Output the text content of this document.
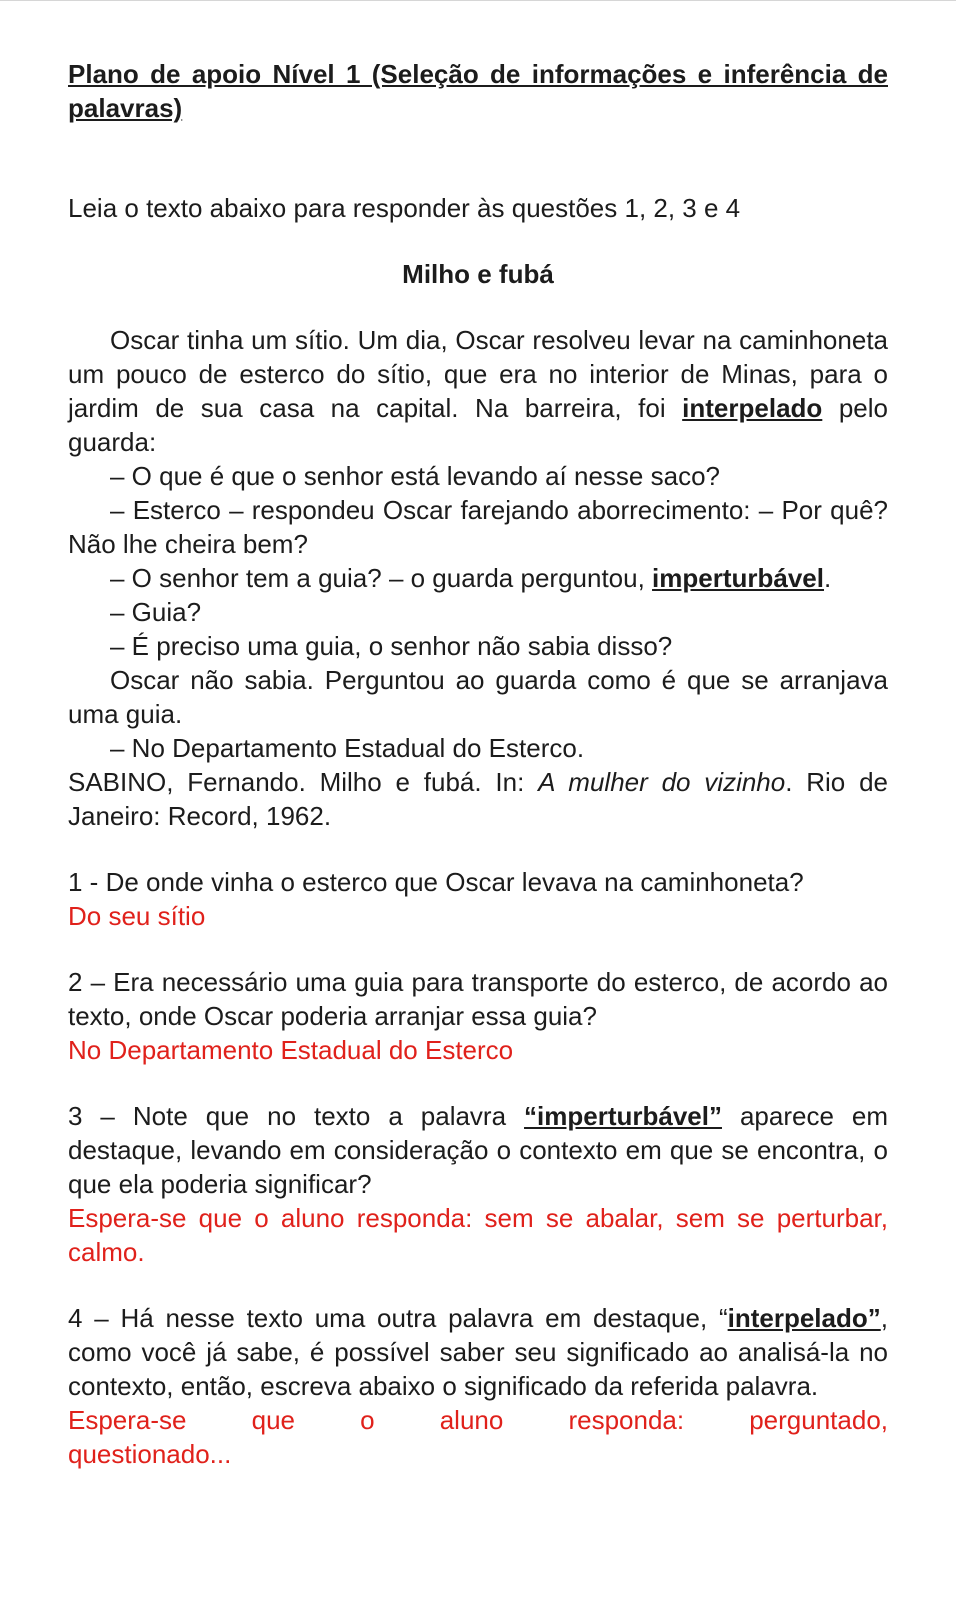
Plano de apoio Nível 1 (Seleção de informações e inferência de palavras)

Leia o texto abaixo para responder às questões 1, 2, 3 e 4

Milho e fubá

Oscar tinha um sítio. Um dia, Oscar resolveu levar na caminhoneta um pouco de esterco do sítio, que era no interior de Minas, para o jardim de sua casa na capital. Na barreira, foi interpelado pelo guarda:

– O que é que o senhor está levando aí nesse saco?

– Esterco – respondeu Oscar farejando aborrecimento: – Por quê? Não lhe cheira bem?

– O senhor tem a guia? – o guarda perguntou, imperturbável.

– Guia?

– É preciso uma guia, o senhor não sabia disso?

Oscar não sabia. Perguntou ao guarda como é que se arranjava uma guia.

– No Departamento Estadual do Esterco.

SABINO, Fernando. Milho e fubá. In: A mulher do vizinho. Rio de Janeiro: Record, 1962.

1 - De onde vinha o esterco que Oscar levava na caminhoneta?

Do seu sítio

2 – Era necessário uma guia para transporte do esterco, de acordo ao texto, onde Oscar poderia arranjar essa guia?

No Departamento Estadual do Esterco

3 – Note que no texto a palavra “imperturbável” aparece em destaque, levando em consideração o contexto em que se encontra, o que ela poderia significar?

Espera-se que o aluno responda: sem se abalar, sem se perturbar, calmo.

4 – Há nesse texto uma outra palavra em destaque, “interpelado”, como você já sabe, é possível saber seu significado ao analisá-la no contexto, então, escreva abaixo o significado da referida palavra.

Espera-se que o aluno responda: perguntado,

questionado...
